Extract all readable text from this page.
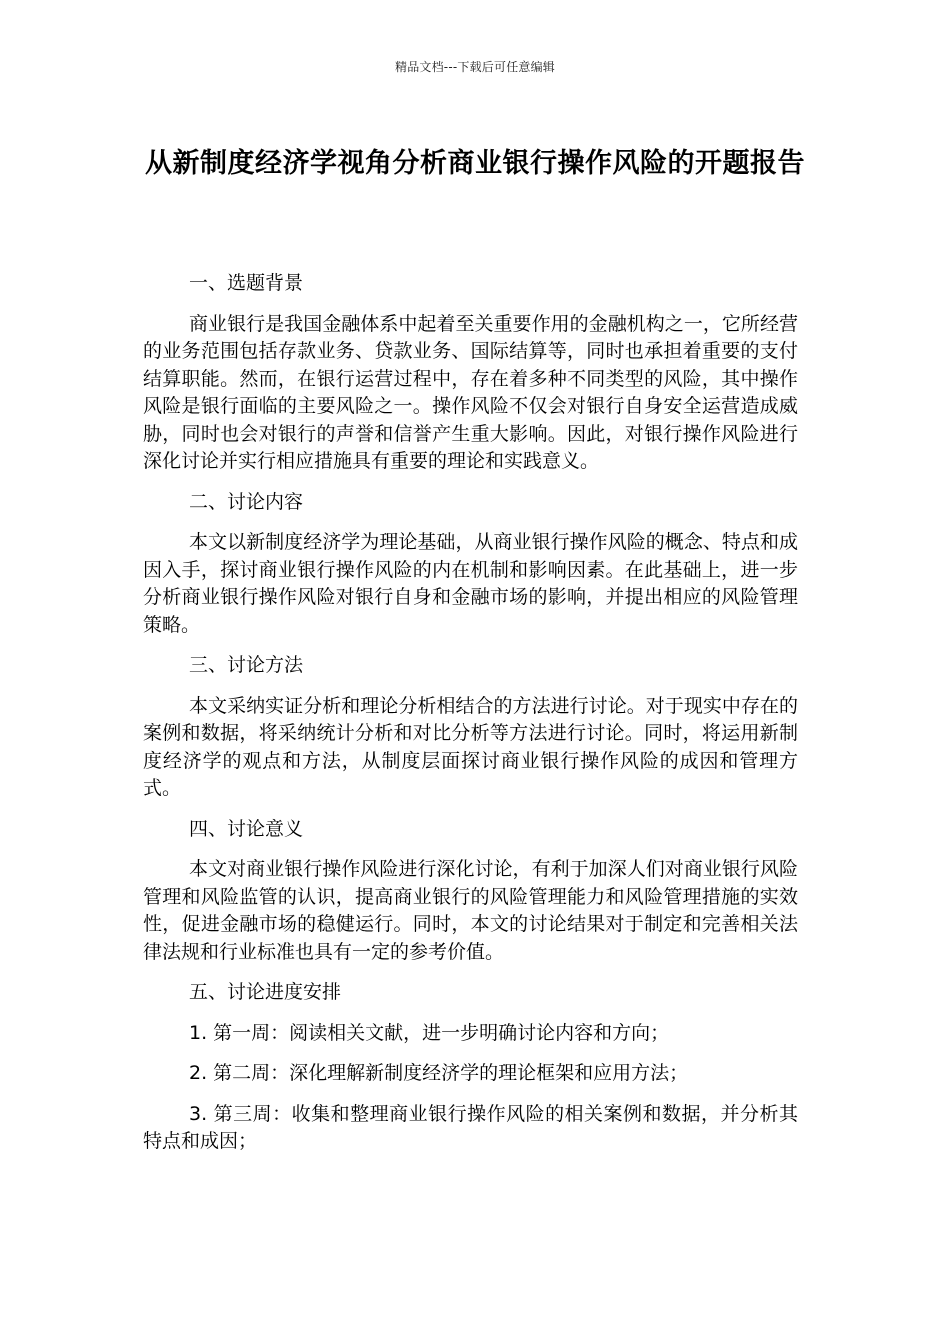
精品文档---下载后可任意编辑
从新制度经济学视角分析商业银行操作风险的开题报告

一、选题背景

商业银行是我国金融体系中起着至关重要作用的金融机构之一，它所经营的业务范围包括存款业务、贷款业务、国际结算等，同时也承担着重要的支付结算职能。然而，在银行运营过程中，存在着多种不同类型的风险，其中操作风险是银行面临的主要风险之一。操作风险不仅会对银行自身安全运营造成威胁，同时也会对银行的声誉和信誉产生重大影响。因此，对银行操作风险进行深化讨论并实行相应措施具有重要的理论和实践意义。

二、讨论内容

本文以新制度经济学为理论基础，从商业银行操作风险的概念、特点和成因入手，探讨商业银行操作风险的内在机制和影响因素。在此基础上，进一步分析商业银行操作风险对银行自身和金融市场的影响，并提出相应的风险管理策略。

三、讨论方法

本文采纳实证分析和理论分析相结合的方法进行讨论。对于现实中存在的案例和数据，将采纳统计分析和对比分析等方法进行讨论。同时，将运用新制度经济学的观点和方法，从制度层面探讨商业银行操作风险的成因和管理方式。

四、讨论意义

本文对商业银行操作风险进行深化讨论，有利于加深人们对商业银行风险管理和风险监管的认识，提高商业银行的风险管理能力和风险管理措施的实效性，促进金融市场的稳健运行。同时，本文的讨论结果对于制定和完善相关法律法规和行业标准也具有一定的参考价值。

五、讨论进度安排

1. 第一周：阅读相关文献，进一步明确讨论内容和方向；

2. 第二周：深化理解新制度经济学的理论框架和应用方法；

3. 第三周：收集和整理商业银行操作风险的相关案例和数据，并分析其特点和成因；
